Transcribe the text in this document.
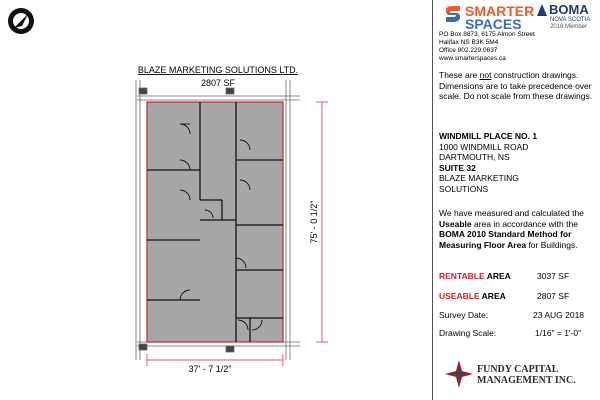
BLAZE MARKETING SOLUTIONS LTD.
2807 SF
37' - 7 1/2"
75' - 0 1/2"
SMARTER
SPACES
BOMA
NOVA SCOTIA
2018 Member
PO Box 8873, 6175 Almon Street
Halifax NS B3K 5M4
Office 902.229.0637
www.smarterspaces.ca
These are not construction drawings.
Dimensions are to take precedence over scale. Do not scale from these drawings.
WINDMILL PLACE NO. 1
1000 WINDMILL ROAD
DARTMOUTH, NS
SUITE 32
BLAZE MARKETING SOLUTIONS
We have measured and calculated the Useable area in accordance with the BOMA 2010 Standard Method for Measuring Floor Area for Buildings.
RENTABLE AREA	3037 SF
USEABLE AREA	2807 SF
Survey Date:	23 AUG 2018
Drawing Scale:	1/16" = 1'-0"
FUNDY CAPITAL
MANAGEMENT INC.
